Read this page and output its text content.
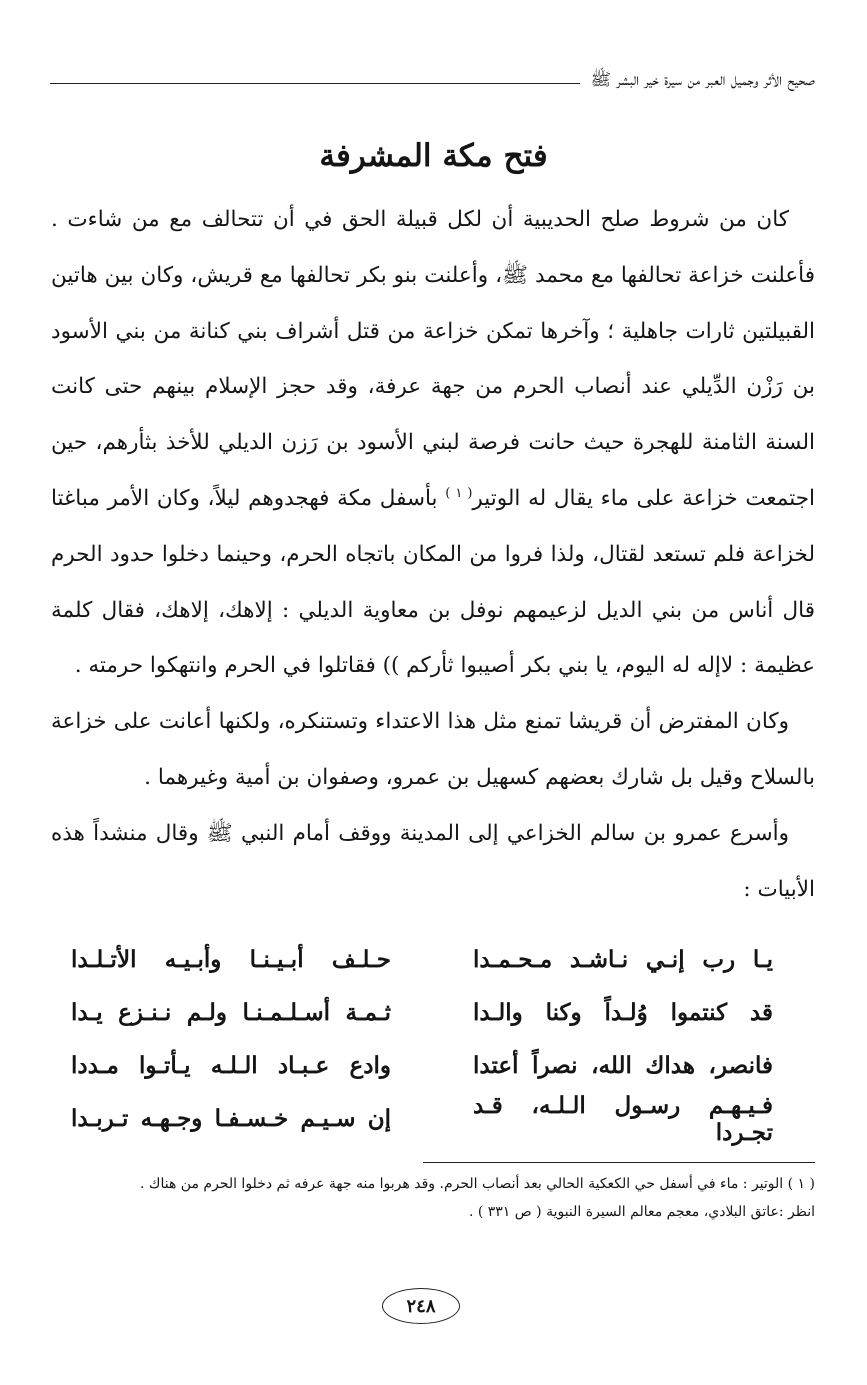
صحيح الأثر وجميل العبر من سيرة خير البشر ﷺ
فتح مكة المشرفة

كان من شروط صلح الحديبية أن لكل قبيلة الحق في أن تتحالف مع من شاءت . فأعلنت خزاعة تحالفها مع محمد ﷺ، وأعلنت بنو بكر تحالفها مع قريش، وكان بين هاتين القبيلتين ثارات جاهلية ؛ وآخرها تمكن خزاعة من قتل أشراف بني كنانة من بني الأسود بن رَزْن الدِّيلي عند أنصاب الحرم من جهة عرفة، وقد حجز الإسلام بينهم حتى كانت السنة الثامنة للهجرة حيث حانت فرصة لبني الأسود بن رَزن الديلي للأخذ بثأرهم، حين اجتمعت خزاعة على ماء يقال له الوتير$^{( ١ )}$ بأسفل مكة فهجدوهم ليلاً، وكان الأمر مباغتا لخزاعة فلم تستعد لقتال، ولذا فروا من المكان باتجاه الحرم، وحينما دخلوا حدود الحرم قال أناس من بني الديل لزعيمهم نوفل بن معاوية الديلي : إلاهك، إلاهك، فقال كلمة عظيمة : لاإله له اليوم، يا بني بكر أصيبوا ثأركم )) فقاتلوا في الحرم وانتهكوا حرمته .

وكان المفترض أن قريشا تمنع مثل هذا الاعتداء وتستنكره، ولكنها أعانت على خزاعة بالسلاح وقيل بل شارك بعضهم كسهيل بن عمرو، وصفوان بن أمية وغيرهما .

وأسرع عمرو بن سالم الخزاعي إلى المدينة ووقف أمام النبي ﷺ وقال منشداً هذه الأبيات :

يـا رب إنـي نـاشـد مـحـمـدا
حـلـف أبـيـنـا وأبـيـه الأتـلـدا
قد كنتموا وُلـداً وكنا والـدا
ثـمـة أسـلـمـنـا ولـم نـنـزع يـدا
فانصر، هداك الله، نصراً أعتدا
وادع عـبـاد الـلـه يـأتـوا مـددا
فـيـهـم رسـول الـلـه، قـد تجـردا
إن سـيـم خـسـفـا وجـهـه تـربـدا

( ١ ) الوتير : ماء في أسفل حي الكعكية الحالي بعد أنصاب الحرم. وقد هربوا منه جهة عرفه ثم دخلوا الحرم من هناك .

انظر :عاتق البلادي، معجم معالم السيرة النبوية ( ص ٣٣١ ) .

٢٤٨
